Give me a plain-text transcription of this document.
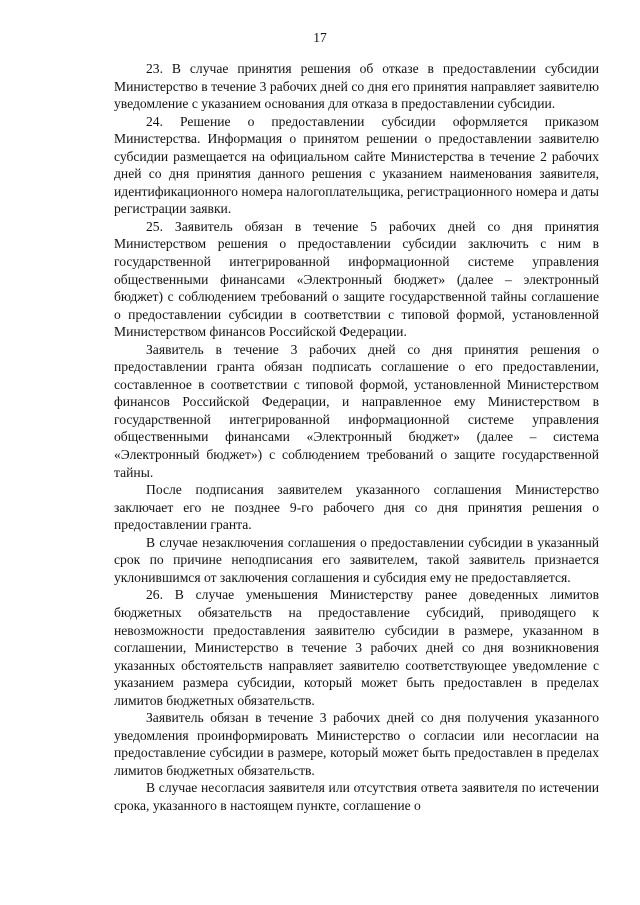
17

23. В случае принятия решения об отказе в предоставлении субсидии Министерство в течение 3 рабочих дней со дня его принятия направляет заявителю уведомление с указанием основания для отказа в предоставлении субсидии.

24. Решение о предоставлении субсидии оформляется приказом Министерства. Информация о принятом решении о предоставлении заявителю субсидии размещается на официальном сайте Министерства в течение 2 рабочих дней со дня принятия данного решения с указанием наименования заявителя, идентификационного номера налогоплательщика, регистрационного номера и даты регистрации заявки.

25. Заявитель обязан в течение 5 рабочих дней со дня принятия Министерством решения о предоставлении субсидии заключить с ним в государственной интегрированной информационной системе управления общественными финансами «Электронный бюджет» (далее – электронный бюджет) с соблюдением требований о защите государственной тайны соглашение о предоставлении субсидии в соответствии с типовой формой, установленной Министерством финансов Российской Федерации.

Заявитель в течение 3 рабочих дней со дня принятия решения о предоставлении гранта обязан подписать соглашение о его предоставлении, составленное в соответствии с типовой формой, установленной Министерством финансов Российской Федерации, и направленное ему Министерством в государственной интегрированной информационной системе управления общественными финансами «Электронный бюджет» (далее – система «Электронный бюджет») с соблюдением требований о защите государственной тайны.

После подписания заявителем указанного соглашения Министерство заключает его не позднее 9-го рабочего дня со дня принятия решения о предоставлении гранта.

В случае незаключения соглашения о предоставлении субсидии в указанный срок по причине неподписания его заявителем, такой заявитель признается уклонившимся от заключения соглашения и субсидия ему не предоставляется.

26. В случае уменьшения Министерству ранее доведенных лимитов бюджетных обязательств на предоставление субсидий, приводящего к невозможности предоставления заявителю субсидии в размере, указанном в соглашении, Министерство в течение 3 рабочих дней со дня возникновения указанных обстоятельств направляет заявителю соответствующее уведомление с указанием размера субсидии, который может быть предоставлен в пределах лимитов бюджетных обязательств.

Заявитель обязан в течение 3 рабочих дней со дня получения указанного уведомления проинформировать Министерство о согласии или несогласии на предоставление субсидии в размере, который может быть предоставлен в пределах лимитов бюджетных обязательств.

В случае несогласия заявителя или отсутствия ответа заявителя по истечении срока, указанного в настоящем пункте, соглашение о
